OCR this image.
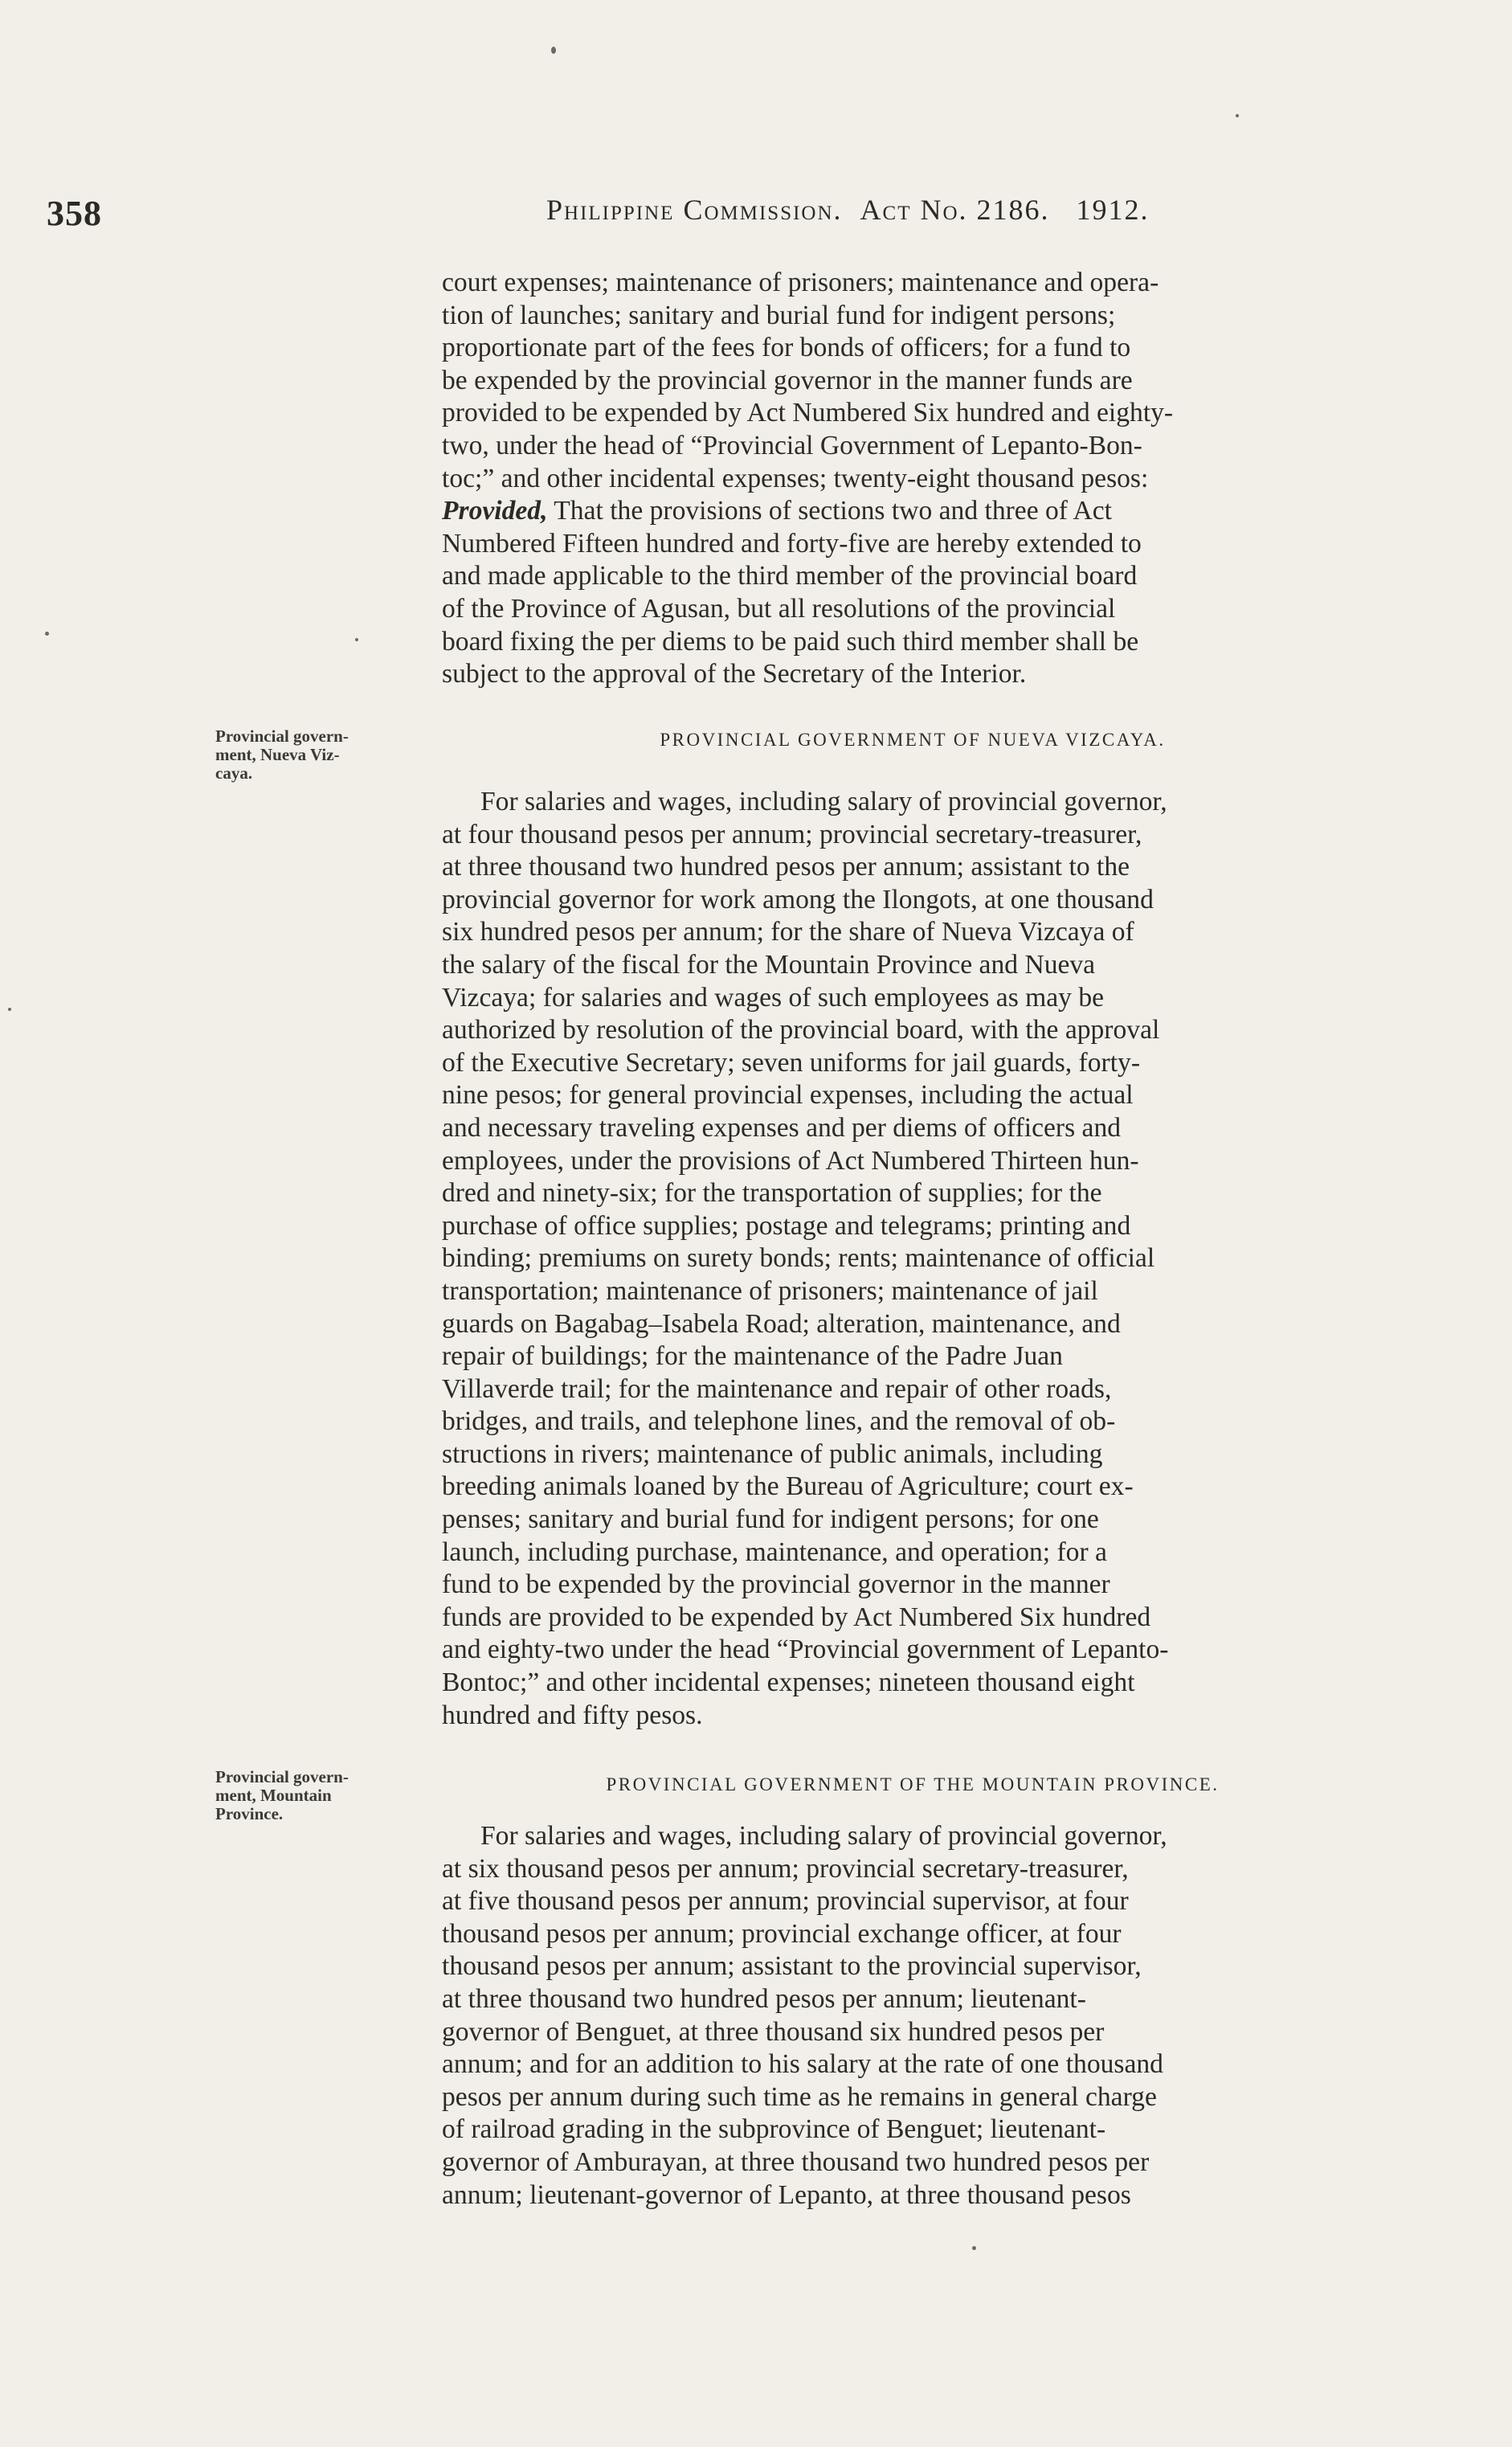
358	Philippine Commission. Act No. 2186. 1912.

court expenses; maintenance of prisoners; maintenance and opera-

tion of launches; sanitary and burial fund for indigent persons;

proportionate part of the fees for bonds of officers; for a fund to

be expended by the provincial governor in the manner funds are

provided to be expended by Act Numbered Six hundred and eighty-

two, under the head of “Provincial Government of Lepanto-Bon-

toc;” and other incidental expenses; twenty-eight thousand pesos:

Provided, That the provisions of sections two and three of Act

Numbered Fifteen hundred and forty-five are hereby extended to

and made applicable to the third member of the provincial board

of the Province of Agusan, but all resolutions of the provincial

board fixing the per diems to be paid such third member shall be

subject to the approval of the Secretary of the Interior.

Provincial govern-
ment, Nueva Viz-
caya.
PROVINCIAL GOVERNMENT OF NUEVA VIZCAYA.

For salaries and wages, including salary of provincial governor,

at four thousand pesos per annum; provincial secretary-treasurer,

at three thousand two hundred pesos per annum; assistant to the

provincial governor for work among the Ilongots, at one thousand

six hundred pesos per annum; for the share of Nueva Vizcaya of

the salary of the fiscal for the Mountain Province and Nueva

Vizcaya; for salaries and wages of such employees as may be

authorized by resolution of the provincial board, with the approval

of the Executive Secretary; seven uniforms for jail guards, forty-

nine pesos; for general provincial expenses, including the actual

and necessary traveling expenses and per diems of officers and

employees, under the provisions of Act Numbered Thirteen hun-

dred and ninety-six; for the transportation of supplies; for the

purchase of office supplies; postage and telegrams; printing and

binding; premiums on surety bonds; rents; maintenance of official

transportation; maintenance of prisoners; maintenance of jail

guards on Bagabag–Isabela Road; alteration, maintenance, and

repair of buildings; for the maintenance of the Padre Juan

Villaverde trail; for the maintenance and repair of other roads,

bridges, and trails, and telephone lines, and the removal of ob-

structions in rivers; maintenance of public animals, including

breeding animals loaned by the Bureau of Agriculture; court ex-

penses; sanitary and burial fund for indigent persons; for one

launch, including purchase, maintenance, and operation; for a

fund to be expended by the provincial governor in the manner

funds are provided to be expended by Act Numbered Six hundred

and eighty-two under the head “Provincial government of Lepanto-

Bontoc;” and other incidental expenses; nineteen thousand eight

hundred and fifty pesos.

Provincial govern-
ment, Mountain
Province.
PROVINCIAL GOVERNMENT OF THE MOUNTAIN PROVINCE.

For salaries and wages, including salary of provincial governor,

at six thousand pesos per annum; provincial secretary-treasurer,

at five thousand pesos per annum; provincial supervisor, at four

thousand pesos per annum; provincial exchange officer, at four

thousand pesos per annum; assistant to the provincial supervisor,

at three thousand two hundred pesos per annum; lieutenant-

governor of Benguet, at three thousand six hundred pesos per

annum; and for an addition to his salary at the rate of one thousand

pesos per annum during such time as he remains in general charge

of railroad grading in the subprovince of Benguet; lieutenant-

governor of Amburayan, at three thousand two hundred pesos per

annum; lieutenant-governor of Lepanto, at three thousand pesos
